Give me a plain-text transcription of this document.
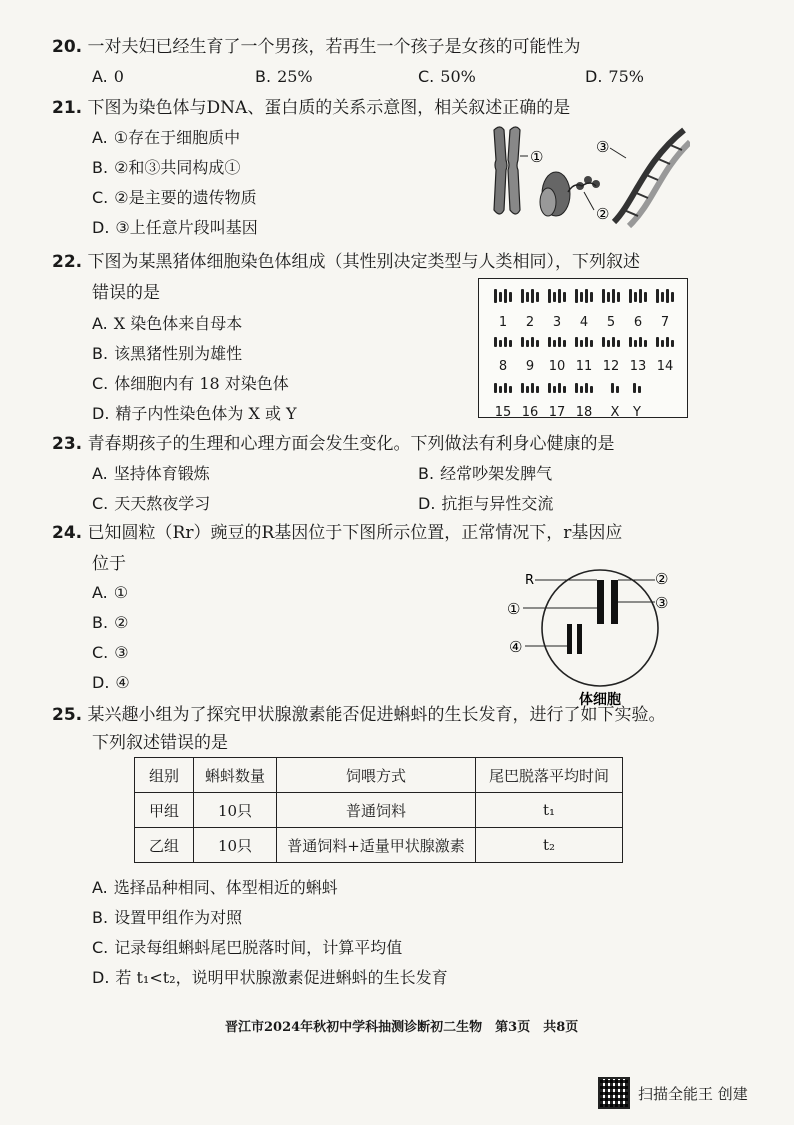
20. 一对夫妇已经生育了一个男孩，若再生一个孩子是女孩的可能性为
A. 0	B. 25%	C. 50%	D. 75%
21. 下图为染色体与DNA、蛋白质的关系示意图，相关叙述正确的是
A. ①存在于细胞质中
B. ②和③共同构成①
C. ②是主要的遗传物质
D. ③上任意片段叫基因
①
③
②
22. 下图为某黑猪体细胞染色体组成（其性别决定类型与人类相同），下列叙述
错误的是
A. X 染色体来自母本
B. 该黑猪性别为雄性
C. 体细胞内有 18 对染色体
D. 精子内性染色体为 X 或 Y
1 2 3 4 5 6 7
8 9 10 11 12 13 14
15 16 17 18 X Y
23. 青春期孩子的生理和心理方面会发生变化。下列做法有利身心健康的是
A. 坚持体育锻炼	B. 经常吵架发脾气
C. 天天熬夜学习	D. 抗拒与异性交流
24. 已知圆粒（Rr）豌豆的R基因位于下图所示位置，正常情况下，r基因应
位于
A. ①
B. ②
C. ③
D. ④
R	②
①	③
④
体细胞
25. 某兴趣小组为了探究甲状腺激素能否促进蝌蚪的生长发育，进行了如下实验。
下列叙述错误的是
组别	蝌蚪数量	饲喂方式	尾巴脱落平均时间
甲组	10只	普通饲料	t₁
乙组	10只	普通饲料+适量甲状腺激素	t₂
A. 选择品种相同、体型相近的蝌蚪
B. 设置甲组作为对照
C. 记录每组蝌蚪尾巴脱落时间，计算平均值
D. 若 t₁<t₂，说明甲状腺激素促进蝌蚪的生长发育
晋江市2024年秋初中学科抽测诊断初二生物　第3页　共8页
扫描全能王 创建
